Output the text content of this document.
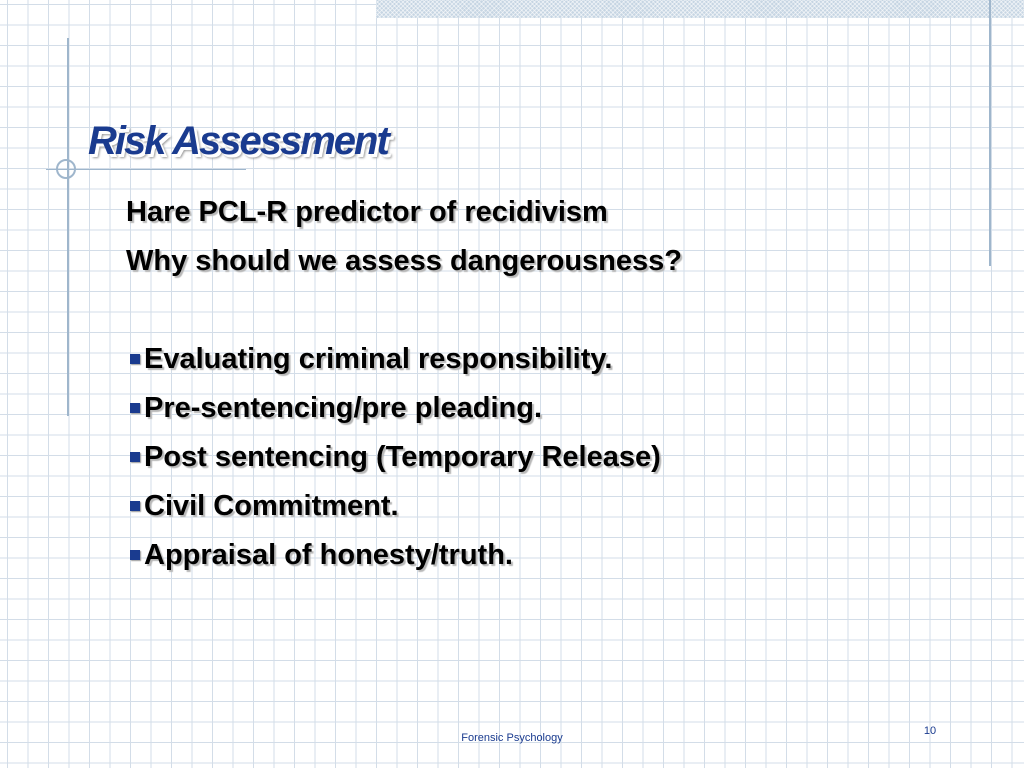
Risk Assessment
Hare PCL-R predictor of recidivism
Why should we assess dangerousness?
Evaluating criminal responsibility.
Pre-sentencing/pre pleading.
Post sentencing (Temporary Release)
Civil Commitment.
Appraisal of honesty/truth.
Forensic Psychology
10
